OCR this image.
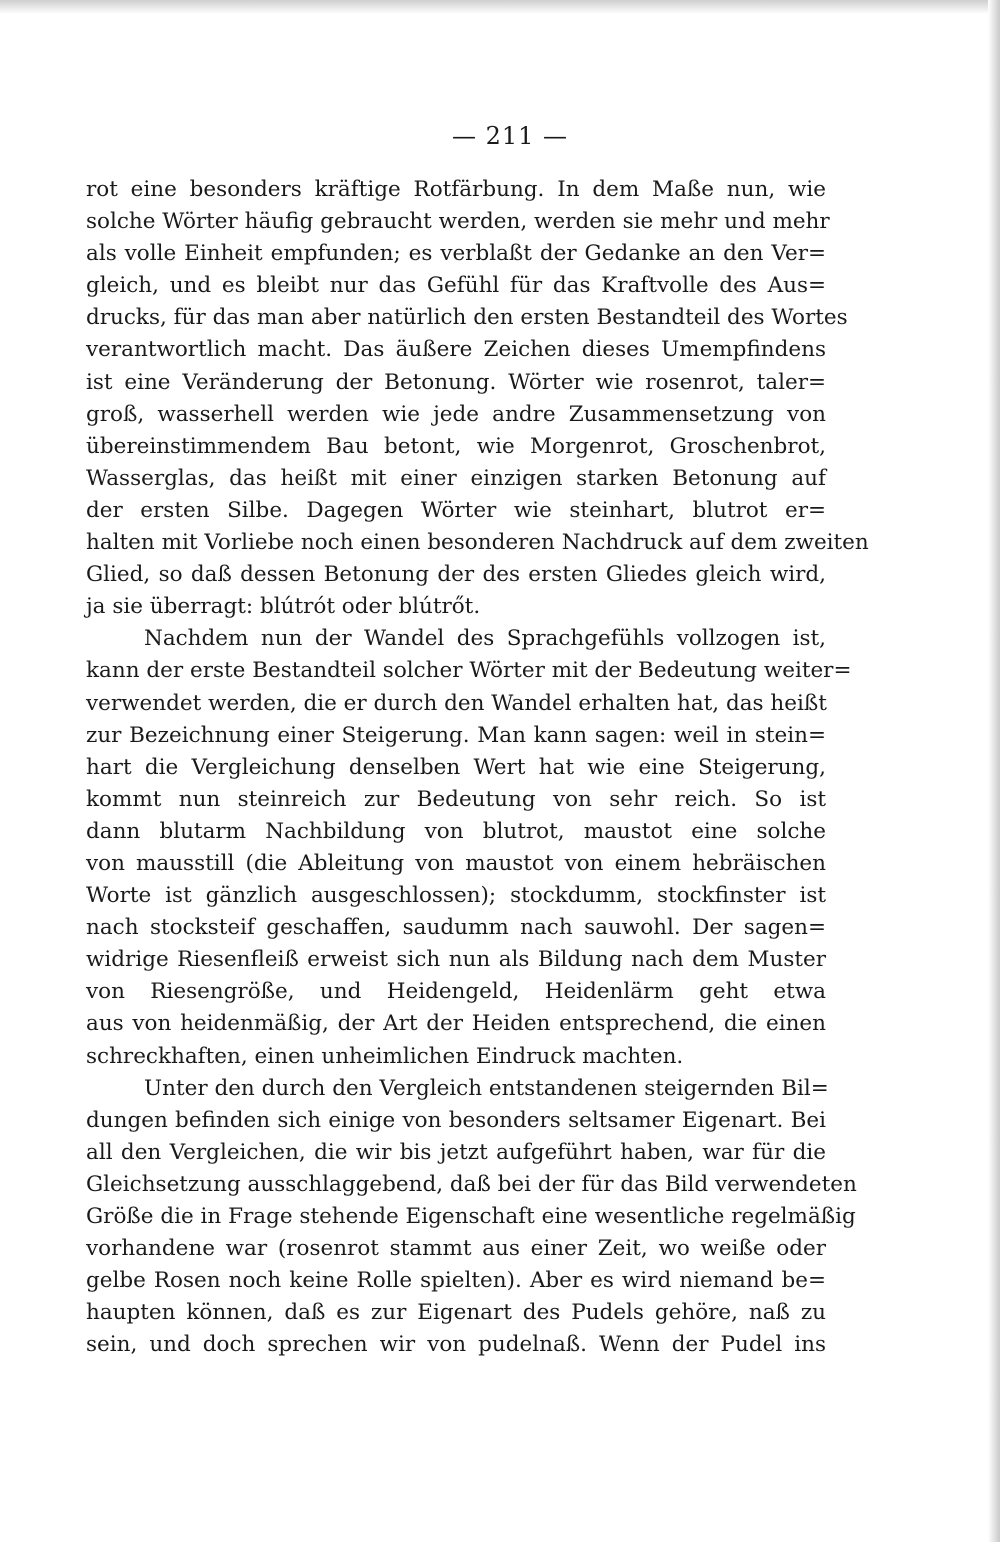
— 211 —
rot eine besonders kräftige Rotfärbung. In dem Maße nun, wie
solche Wörter häufig gebraucht werden, werden sie mehr und mehr
als volle Einheit empfunden; es verblaßt der Gedanke an den Ver=
gleich, und es bleibt nur das Gefühl für das Kraftvolle des Aus=
drucks, für das man aber natürlich den ersten Bestandteil des Wortes
verantwortlich macht. Das äußere Zeichen dieses Umempfindens
ist eine Veränderung der Betonung. Wörter wie rosenrot, taler=
groß, wasserhell werden wie jede andre Zusammensetzung von
übereinstimmendem Bau betont, wie Morgenrot, Groschenbrot,
Wasserglas, das heißt mit einer einzigen starken Betonung auf
der ersten Silbe. Dagegen Wörter wie steinhart, blutrot er=
halten mit Vorliebe noch einen besonderen Nachdruck auf dem zweiten
Glied, so daß dessen Betonung der des ersten Gliedes gleich wird,
ja sie überragt: blútrót oder blútrőt.
Nachdem nun der Wandel des Sprachgefühls vollzogen ist,
kann der erste Bestandteil solcher Wörter mit der Bedeutung weiter=
verwendet werden, die er durch den Wandel erhalten hat, das heißt
zur Bezeichnung einer Steigerung. Man kann sagen: weil in stein=
hart die Vergleichung denselben Wert hat wie eine Steigerung,
kommt nun steinreich zur Bedeutung von sehr reich. So ist
dann blutarm Nachbildung von blutrot, maustot eine solche
von mausstill (die Ableitung von maustot von einem hebräischen
Worte ist gänzlich ausgeschlossen); stockdumm, stockfinster ist
nach stocksteif geschaffen, saudumm nach sauwohl. Der sagen=
widrige Riesenfleiß erweist sich nun als Bildung nach dem Muster
von Riesengröße, und Heidengeld, Heidenlärm geht etwa
aus von heidenmäßig, der Art der Heiden entsprechend, die einen
schreckhaften, einen unheimlichen Eindruck machten.
Unter den durch den Vergleich entstandenen steigernden Bil=
dungen befinden sich einige von besonders seltsamer Eigenart. Bei
all den Vergleichen, die wir bis jetzt aufgeführt haben, war für die
Gleichsetzung ausschlaggebend, daß bei der für das Bild verwendeten
Größe die in Frage stehende Eigenschaft eine wesentliche regelmäßig
vorhandene war (rosenrot stammt aus einer Zeit, wo weiße oder
gelbe Rosen noch keine Rolle spielten). Aber es wird niemand be=
haupten können, daß es zur Eigenart des Pudels gehöre, naß zu
sein, und doch sprechen wir von pudelnaß. Wenn der Pudel ins
